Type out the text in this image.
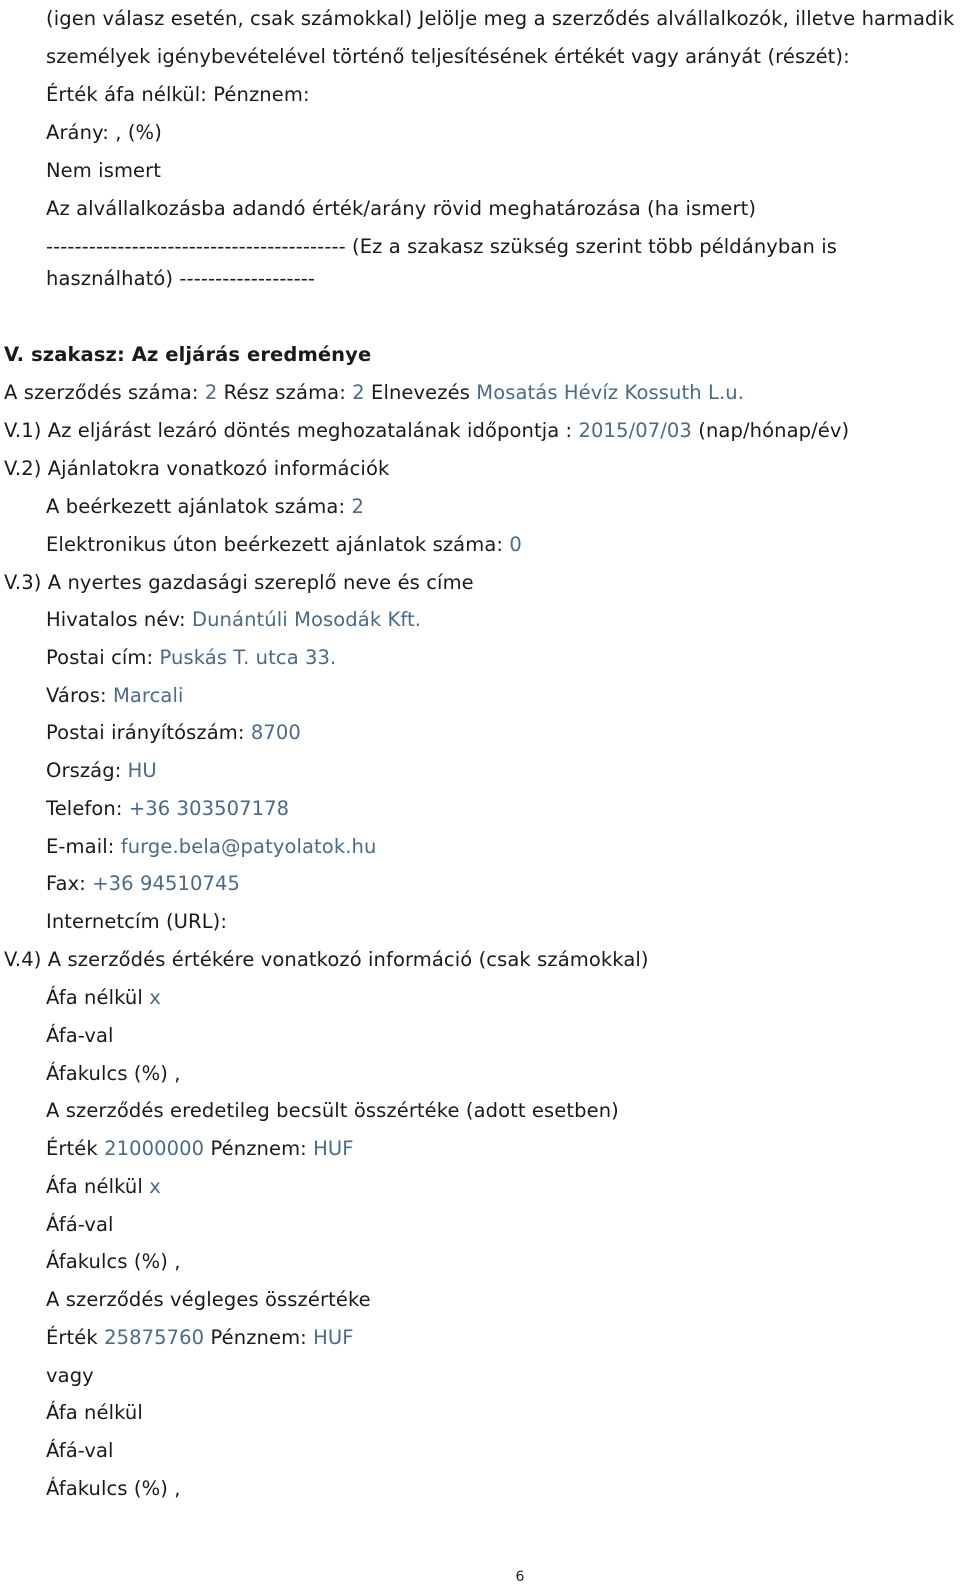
(igen válasz esetén, csak számokkal) Jelölje meg a szerződés alvállalkozók, illetve harmadik
személyek igénybevételével történő teljesítésének értékét vagy arányát (részét):
Érték áfa nélkül: Pénznem:
Arány: , (%)
Nem ismert
Az alvállalkozásba adandó érték/arány rövid meghatározása (ha ismert)
------------------------------------------ (Ez a szakasz szükség szerint több példányban is
használható) -------------------
V. szakasz: Az eljárás eredménye
A szerződés száma: 2 Rész száma: 2 Elnevezés Mosatás Hévíz Kossuth L.u.
V.1) Az eljárást lezáró döntés meghozatalának időpontja : 2015/07/03 (nap/hónap/év)
V.2) Ajánlatokra vonatkozó információk
A beérkezett ajánlatok száma: 2
Elektronikus úton beérkezett ajánlatok száma: 0
V.3) A nyertes gazdasági szereplő neve és címe
Hivatalos név: Dunántúli Mosodák Kft.
Postai cím: Puskás T. utca 33.
Város: Marcali
Postai irányítószám: 8700
Ország: HU
Telefon: +36 303507178
E-mail: furge.bela@patyolatok.hu
Fax: +36 94510745
Internetcím (URL):
V.4) A szerződés értékére vonatkozó információ (csak számokkal)
Áfa nélkül x
Áfa-val
Áfakulcs (%) ,
A szerződés eredetileg becsült összértéke (adott esetben)
Érték 21000000 Pénznem: HUF
Áfa nélkül x
Áfá-val
Áfakulcs (%) ,
A szerződés végleges összértéke
Érték 25875760 Pénznem: HUF
vagy
Áfa nélkül
Áfá-val
Áfakulcs (%) ,
6
